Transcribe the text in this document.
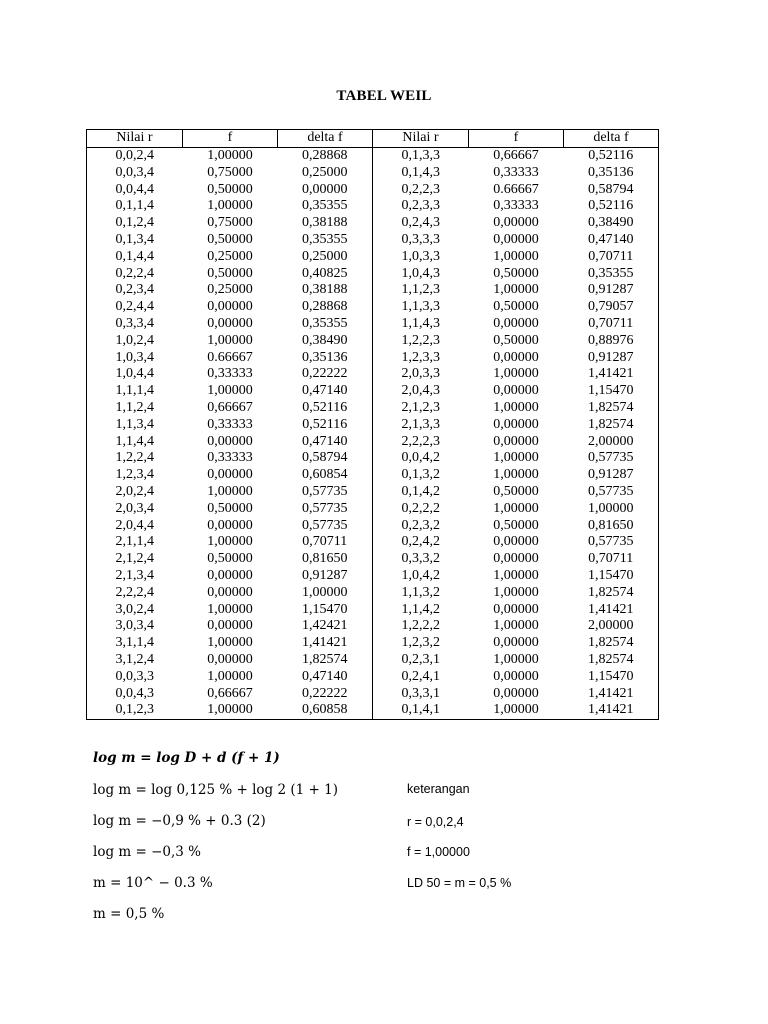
TABEL WEIL
Nilai r	f	delta f	Nilai r	f	delta f
0,0,2,4	1,00000	0,28868	0,1,3,3	0,66667	0,52116
0,0,3,4	0,75000	0,25000	0,1,4,3	0,33333	0,35136
0,0,4,4	0,50000	0,00000	0,2,2,3	0.66667	0,58794
0,1,1,4	1,00000	0,35355	0,2,3,3	0,33333	0,52116
0,1,2,4	0,75000	0,38188	0,2,4,3	0,00000	0,38490
0,1,3,4	0,50000	0,35355	0,3,3,3	0,00000	0,47140
0,1,4,4	0,25000	0,25000	1,0,3,3	1,00000	0,70711
0,2,2,4	0,50000	0,40825	1,0,4,3	0,50000	0,35355
0,2,3,4	0,25000	0,38188	1,1,2,3	1,00000	0,91287
0,2,4,4	0,00000	0,28868	1,1,3,3	0,50000	0,79057
0,3,3,4	0,00000	0,35355	1,1,4,3	0,00000	0,70711
1,0,2,4	1,00000	0,38490	1,2,2,3	0,50000	0,88976
1,0,3,4	0.66667	0,35136	1,2,3,3	0,00000	0,91287
1,0,4,4	0,33333	0,22222	2,0,3,3	1,00000	1,41421
1,1,1,4	1,00000	0,47140	2,0,4,3	0,00000	1,15470
1,1,2,4	0,66667	0,52116	2,1,2,3	1,00000	1,82574
1,1,3,4	0,33333	0,52116	2,1,3,3	0,00000	1,82574
1,1,4,4	0,00000	0,47140	2,2,2,3	0,00000	2,00000
1,2,2,4	0,33333	0,58794	0,0,4,2	1,00000	0,57735
1,2,3,4	0,00000	0,60854	0,1,3,2	1,00000	0,91287
2,0,2,4	1,00000	0,57735	0,1,4,2	0,50000	0,57735
2,0,3,4	0,50000	0,57735	0,2,2,2	1,00000	1,00000
2,0,4,4	0,00000	0,57735	0,2,3,2	0,50000	0,81650
2,1,1,4	1,00000	0,70711	0,2,4,2	0,00000	0,57735
2,1,2,4	0,50000	0,81650	0,3,3,2	0,00000	0,70711
2,1,3,4	0,00000	0,91287	1,0,4,2	1,00000	1,15470
2,2,2,4	0,00000	1,00000	1,1,3,2	1,00000	1,82574
3,0,2,4	1,00000	1,15470	1,1,4,2	0,00000	1,41421
3,0,3,4	0,00000	1,42421	1,2,2,2	1,00000	2,00000
3,1,1,4	1,00000	1,41421	1,2,3,2	0,00000	1,82574
3,1,2,4	0,00000	1,82574	0,2,3,1	1,00000	1,82574
0,0,3,3	1,00000	0,47140	0,2,4,1	0,00000	1,15470
0,0,4,3	0,66667	0,22222	0,3,3,1	0,00000	1,41421
0,1,2,3	1,00000	0,60858	0,1,4,1	1,00000	1,41421
log m = log D + d (f + 1)
log m = log 0,125 % + log 2 (1 + 1)
log m = −0,9 % + 0.3 (2)
log m = −0,3 %
m = 10^ − 0.3 %
m = 0,5 %
keterangan
r = 0,0,2,4
f = 1,00000
LD 50 = m = 0,5 %
